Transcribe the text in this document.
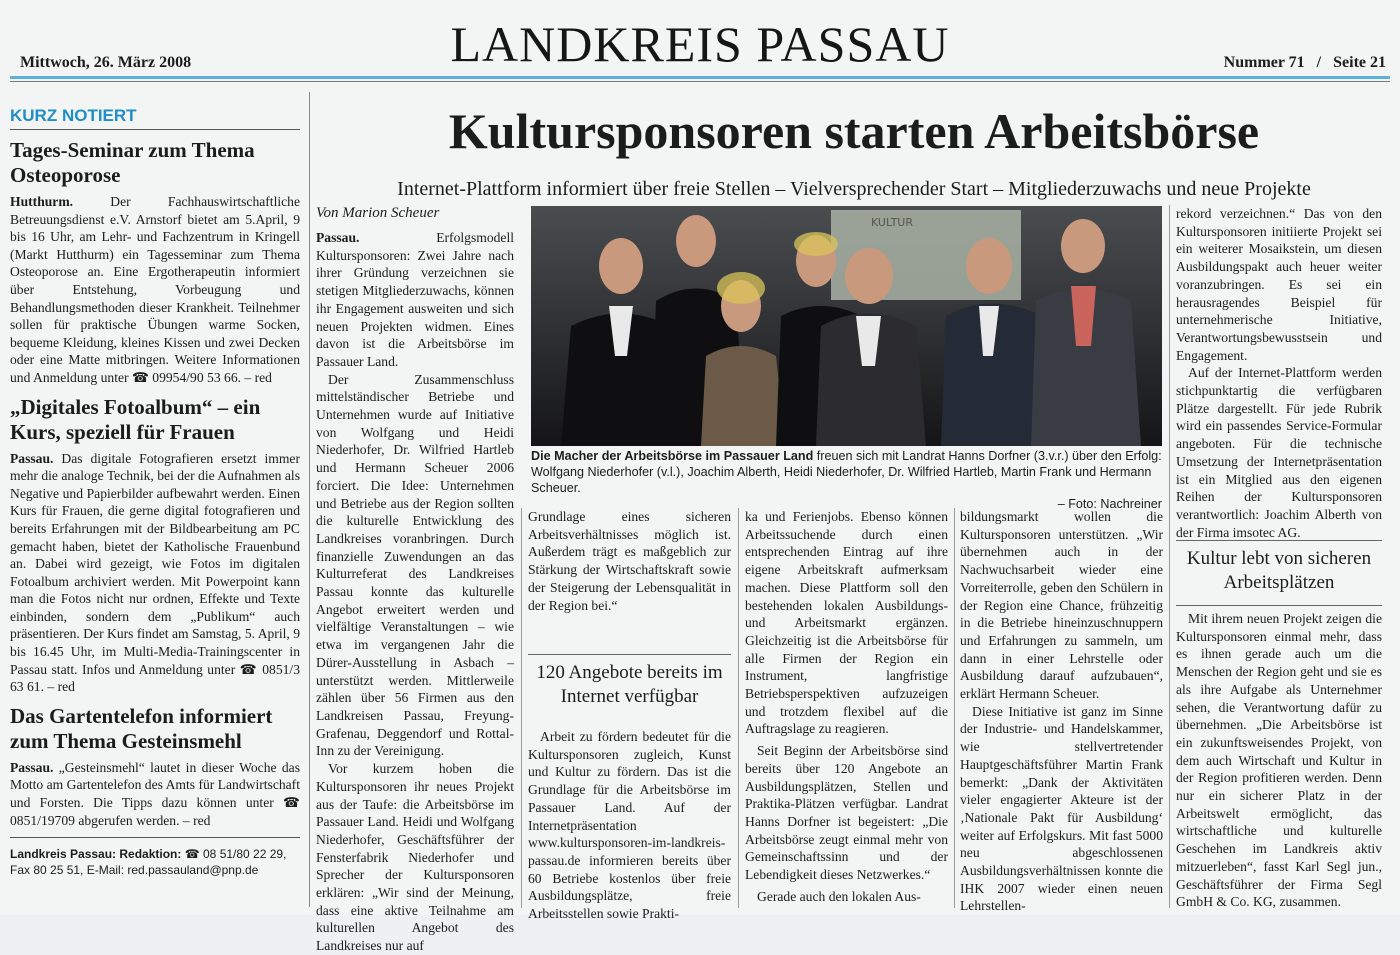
LANDKREIS PASSAU
Mittwoch, 26. März 2008	Nummer 71   /   Seite 21
KURZ NOTIERT
Tages-Seminar zum Thema Osteoporose

Hutthurm. Der Fachhauswirtschaftliche Betreuungsdienst e.V. Arnstorf bietet am 5.April, 9 bis 16 Uhr, am Lehr- und Fachzentrum in Kringell (Markt Hutthurm) ein Tagesseminar zum Thema Osteoporose an. Eine Ergotherapeutin informiert über Entstehung, Vorbeugung und Behandlungsmethoden dieser Krankheit. Teilnehmer sollen für praktische Übungen warme Socken, bequeme Kleidung, kleines Kissen und zwei Decken oder eine Matte mitbringen. Weitere Informationen und Anmeldung unter ☎ 09954/90 53 66. – red

„Digitales Fotoalbum“ – ein Kurs, speziell für Frauen

Passau. Das digitale Fotografieren ersetzt immer mehr die analoge Technik, bei der die Aufnahmen als Negative und Papierbilder aufbewahrt werden. Einen Kurs für Frauen, die gerne digital fotografieren und bereits Erfahrungen mit der Bildbearbeitung am PC gemacht haben, bietet der Katholische Frauenbund an. Dabei wird gezeigt, wie Fotos im digitalen Fotoalbum archiviert werden. Mit Powerpoint kann man die Fotos nicht nur ordnen, Effekte und Texte einbinden, sondern dem „Publikum“ auch präsentieren. Der Kurs findet am Samstag, 5. April, 9 bis 16.45 Uhr, im Multi-Media-Trainingscenter in Passau statt. Infos und Anmeldung unter ☎ 0851/3 63 61. – red

Das Gartentelefon informiert zum Thema Gesteinsmehl

Passau. „Gesteinsmehl“ lautet in dieser Woche das Motto am Gartentelefon des Amts für Landwirtschaft und Forsten. Die Tipps dazu können unter ☎ 0851/19709 abgerufen werden. – red

Landkreis Passau: Redaktion: ☎ 08 51/80 22 29, Fax 80 25 51, E-Mail: red.passauland@pnp.de
Kultursponsoren starten Arbeitsbörse
Internet-Plattform informiert über freie Stellen – Vielversprechender Start – Mitgliederzuwachs und neue Projekte
Von Marion Scheuer

Passau. Erfolgsmodell Kultursponsoren: Zwei Jahre nach ihrer Gründung verzeichnen sie stetigen Mitgliederzuwachs, können ihr Engagement ausweiten und sich neuen Projekten widmen. Eines davon ist die Arbeitsbörse im Passauer Land.

Der Zusammenschluss mittelständischer Betriebe und Unternehmen wurde auf Initiative von Wolfgang und Heidi Niederhofer, Dr. Wilfried Hartleb und Hermann Scheuer 2006 forciert. Die Idee: Unternehmen und Betriebe aus der Region sollten die kulturelle Entwicklung des Landkreises voranbringen. Durch finanzielle Zuwendungen an das Kulturreferat des Landkreises Passau konnte das kulturelle Angebot erweitert werden und vielfältige Veranstaltungen – wie etwa im vergangenen Jahr die Dürer-Ausstellung in Asbach – unterstützt werden. Mittlerweile zählen über 56 Firmen aus den Landkreisen Passau, Freyung-Grafenau, Deggendorf und Rottal-Inn zu der Vereinigung.

Vor kurzem hoben die Kultursponsoren ihr neues Projekt aus der Taufe: die Arbeitsbörse im Passauer Land. Heidi und Wolfgang Niederhofer, Geschäftsführer der Fensterfabrik Niederhofer und Sprecher der Kultursponsoren erklären: „Wir sind der Meinung, dass eine aktive Teilnahme am kulturellen Angebot des Landkreises nur auf

KULTUR
Die Macher der Arbeitsbörse im Passauer Land freuen sich mit Landrat Hanns Dorfner (3.v.r.) über den Erfolg: Wolfgang Niederhofer (v.l.), Joachim Alberth, Heidi Niederhofer, Dr. Wilfried Hartleb, Martin Frank und Hermann Scheuer.
– Foto: Nachreiner

Grundlage eines sicheren Arbeitsverhältnisses möglich ist. Außerdem trägt es maßgeblich zur Stärkung der Wirtschaftskraft sowie der Steigerung der Lebensqualität in der Region bei.“

120 Angebote bereits im Internet verfügbar

Arbeit zu fördern bedeutet für die Kultursponsoren zugleich, Kunst und Kultur zu fördern. Das ist die Grundlage für die Arbeitsbörse im Passauer Land. Auf der Internetpräsentation www.kultursponsoren-im-landkreis-passau.de informieren bereits über 60 Betriebe kostenlos über freie Ausbildungsplätze, freie Arbeitsstellen sowie Prakti-

ka und Ferienjobs. Ebenso können Arbeitssuchende durch einen entsprechenden Eintrag auf ihre eigene Arbeitskraft aufmerksam machen. Diese Plattform soll den bestehenden lokalen Ausbildungs- und Arbeitsmarkt ergänzen. Gleichzeitig ist die Arbeitsbörse für alle Firmen der Region ein Instrument, langfristige Betriebsperspektiven aufzuzeigen und trotzdem flexibel auf die Auftragslage zu reagieren.

Seit Beginn der Arbeitsbörse sind bereits über 120 Angebote an Ausbildungsplätzen, Stellen und Praktika-Plätzen verfügbar. Landrat Hanns Dorfner ist begeistert: „Die Arbeitsbörse zeugt einmal mehr von Gemeinschaftssinn und der Lebendigkeit dieses Netzwerkes.“

Gerade auch den lokalen Aus-

bildungsmarkt wollen die Kultursponsoren unterstützen. „Wir übernehmen auch in der Nachwuchsarbeit wieder eine Vorreiterrolle, geben den Schülern in der Region eine Chance, frühzeitig in die Betriebe hineinzuschnuppern und Erfahrungen zu sammeln, um dann in einer Lehrstelle oder Ausbildung darauf aufzubauen“, erklärt Hermann Scheuer.

Diese Initiative ist ganz im Sinne der Industrie- und Handelskammer, wie stellvertretender Hauptgeschäftsführer Martin Frank bemerkt: „Dank der Aktivitäten vieler engagierter Akteure ist der ‚Nationale Pakt für Ausbildung‘ weiter auf Erfolgskurs. Mit fast 5000 neu abgeschlossenen Ausbildungsverhältnissen konnte die IHK 2007 wieder einen neuen Lehrstellen-

rekord verzeichnen.“ Das von den Kultursponsoren initiierte Projekt sei ein weiterer Mosaikstein, um diesen Ausbildungspakt auch heuer weiter voranzubringen. Es sei ein herausragendes Beispiel für unternehmerische Initiative, Verantwortungsbewusstsein und Engagement.

Auf der Internet-Plattform werden stichpunktartig die verfügbaren Plätze dargestellt. Für jede Rubrik wird ein passendes Service-Formular angeboten. Für die technische Umsetzung der Internetpräsentation ist ein Mitglied aus den eigenen Reihen der Kultursponsoren verantwortlich: Joachim Alberth von der Firma imsotec AG.

Kultur lebt von sicheren Arbeitsplätzen

Mit ihrem neuen Projekt zeigen die Kultursponsoren einmal mehr, dass es ihnen gerade auch um die Menschen der Region geht und sie es als ihre Aufgabe als Unternehmer sehen, die Verantwortung dafür zu übernehmen. „Die Arbeitsbörse ist ein zukunftsweisendes Projekt, von dem auch Wirtschaft und Kultur in der Region profitieren werden. Denn nur ein sicherer Platz in der Arbeitswelt ermöglicht, das wirtschaftliche und kulturelle Geschehen im Landkreis aktiv mitzuerleben“, fasst Karl Segl jun., Geschäftsführer der Firma Segl GmbH & Co. KG, zusammen.
